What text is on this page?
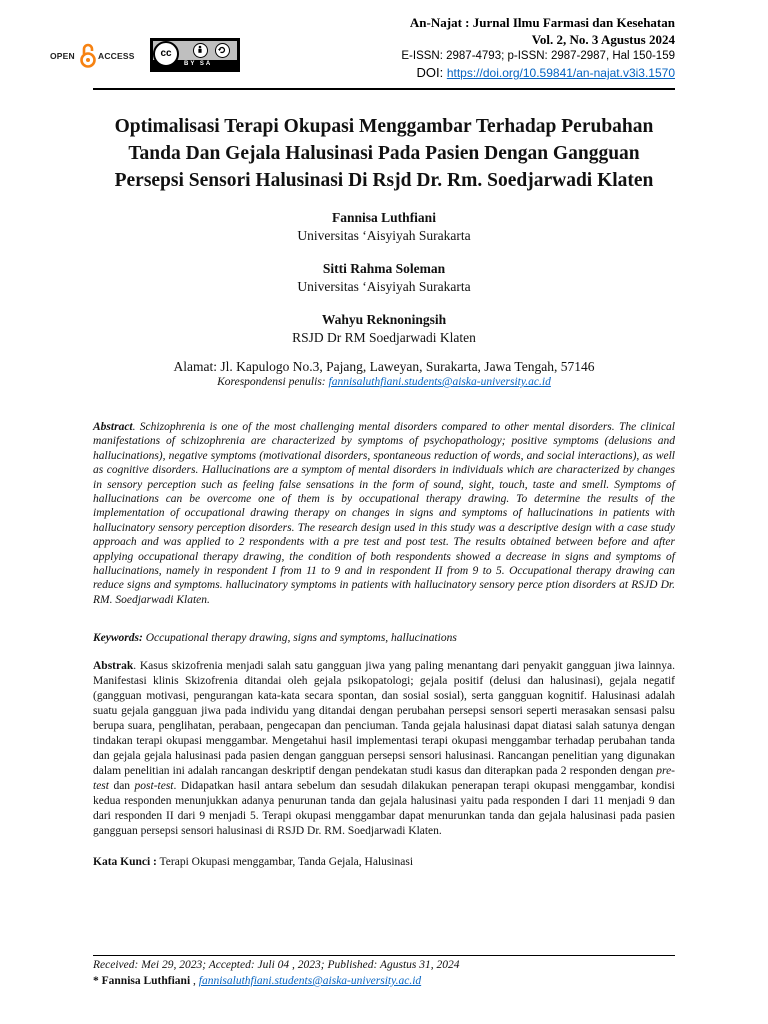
OPEN	ACCESS	cc
BY SA
An-Najat : Jurnal Ilmu Farmasi dan Kesehatan
Vol. 2, No. 3 Agustus 2024
E-ISSN: 2987-4793; p-ISSN: 2987-2987, Hal 150-159
DOI: https://doi.org/10.59841/an-najat.v3i3.1570
Optimalisasi Terapi Okupasi Menggambar Terhadap Perubahan
Tanda Dan Gejala Halusinasi Pada Pasien Dengan Gangguan
Persepsi Sensori Halusinasi Di Rsjd Dr. Rm. Soedjarwadi Klaten
Fannisa Luthfiani
Universitas ‘Aisyiyah Surakarta
Sitti Rahma Soleman
Universitas ‘Aisyiyah Surakarta
Wahyu Reknoningsih
RSJD Dr RM Soedjarwadi Klaten
Alamat: Jl. Kapulogo No.3, Pajang, Laweyan, Surakarta, Jawa Tengah, 57146
Korespondensi penulis: fannisaluthfiani.students@aiska-university.ac.id
Abstract. Schizophrenia is one of the most challenging mental disorders compared to other mental disorders. The clinical manifestations of schizophrenia are characterized by symptoms of psychopathology; positive symptoms (delusions and hallucinations), negative symptoms (motivational disorders, spontaneous reduction of words, and social interactions), as well as cognitive disorders. Hallucinations are a symptom of mental disorders in individuals which are characterized by changes in sensory perception such as feeling false sensations in the form of sound, sight, touch, taste and smell. Symptoms of hallucinations can be overcome one of them is by occupational therapy drawing. To determine the results of the implementation of occupational drawing therapy on changes in signs and symptoms of hallucinations in patients with hallucinatory sensory perception disorders. The research design used in this study was a descriptive design with a case study approach and was applied to 2 respondents with a pre test and post test. The results obtained between before and after applying occupational therapy drawing, the condition of both respondents showed a decrease in signs and symptoms of hallucinations, namely in respondent I from 11 to 9 and in respondent II from 9 to 5. Occupational therapy drawing can reduce signs and symptoms. hallucinatory symptoms in patients with hallucinatory sensory perce ption disorders at RSJD Dr. RM. Soedjarwadi Klaten.
Keywords: Occupational therapy drawing, signs and symptoms, hallucinations
Abstrak. Kasus skizofrenia menjadi salah satu gangguan jiwa yang paling menantang dari penyakit gangguan jiwa lainnya. Manifestasi klinis Skizofrenia ditandai oleh gejala psikopatologi; gejala positif (delusi dan halusinasi), gejala negatif (gangguan motivasi, pengurangan kata-kata secara spontan, dan sosial sosial), serta gangguan kognitif. Halusinasi adalah suatu gejala gangguan jiwa pada individu yang ditandai dengan perubahan persepsi sensori seperti merasakan sensasi palsu berupa suara, penglihatan, perabaan, pengecapan dan penciuman. Tanda gejala halusinasi dapat diatasi salah satunya dengan tindakan terapi okupasi menggambar. Mengetahui hasil implementasi terapi okupasi menggambar terhadap perubahan tanda dan gejala gejala halusinasi pada pasien dengan gangguan persepsi sensori halusinasi. Rancangan penelitian yang digunakan dalam penelitian ini adalah rancangan deskriptif dengan pendekatan studi kasus dan diterapkan pada 2 responden dengan pre-test dan post-test. Didapatkan hasil antara sebelum dan sesudah dilakukan penerapan terapi okupasi menggambar, kondisi kedua responden menunjukkan adanya penurunan tanda dan gejala halusinasi yaitu pada responden I dari 11 menjadi 9 dan dari responden II dari 9 menjadi 5. Terapi okupasi menggambar dapat menurunkan tanda dan gejala halusinasi pada pasien gangguan persepsi sensori halusinasi di RSJD Dr. RM. Soedjarwadi Klaten.
Kata Kunci : Terapi Okupasi menggambar, Tanda Gejala, Halusinasi
Received: Mei 29, 2023; Accepted: Juli 04 , 2023; Published: Agustus 31, 2024
* Fannisa Luthfiani , fannisaluthfiani.students@aiska-university.ac.id
